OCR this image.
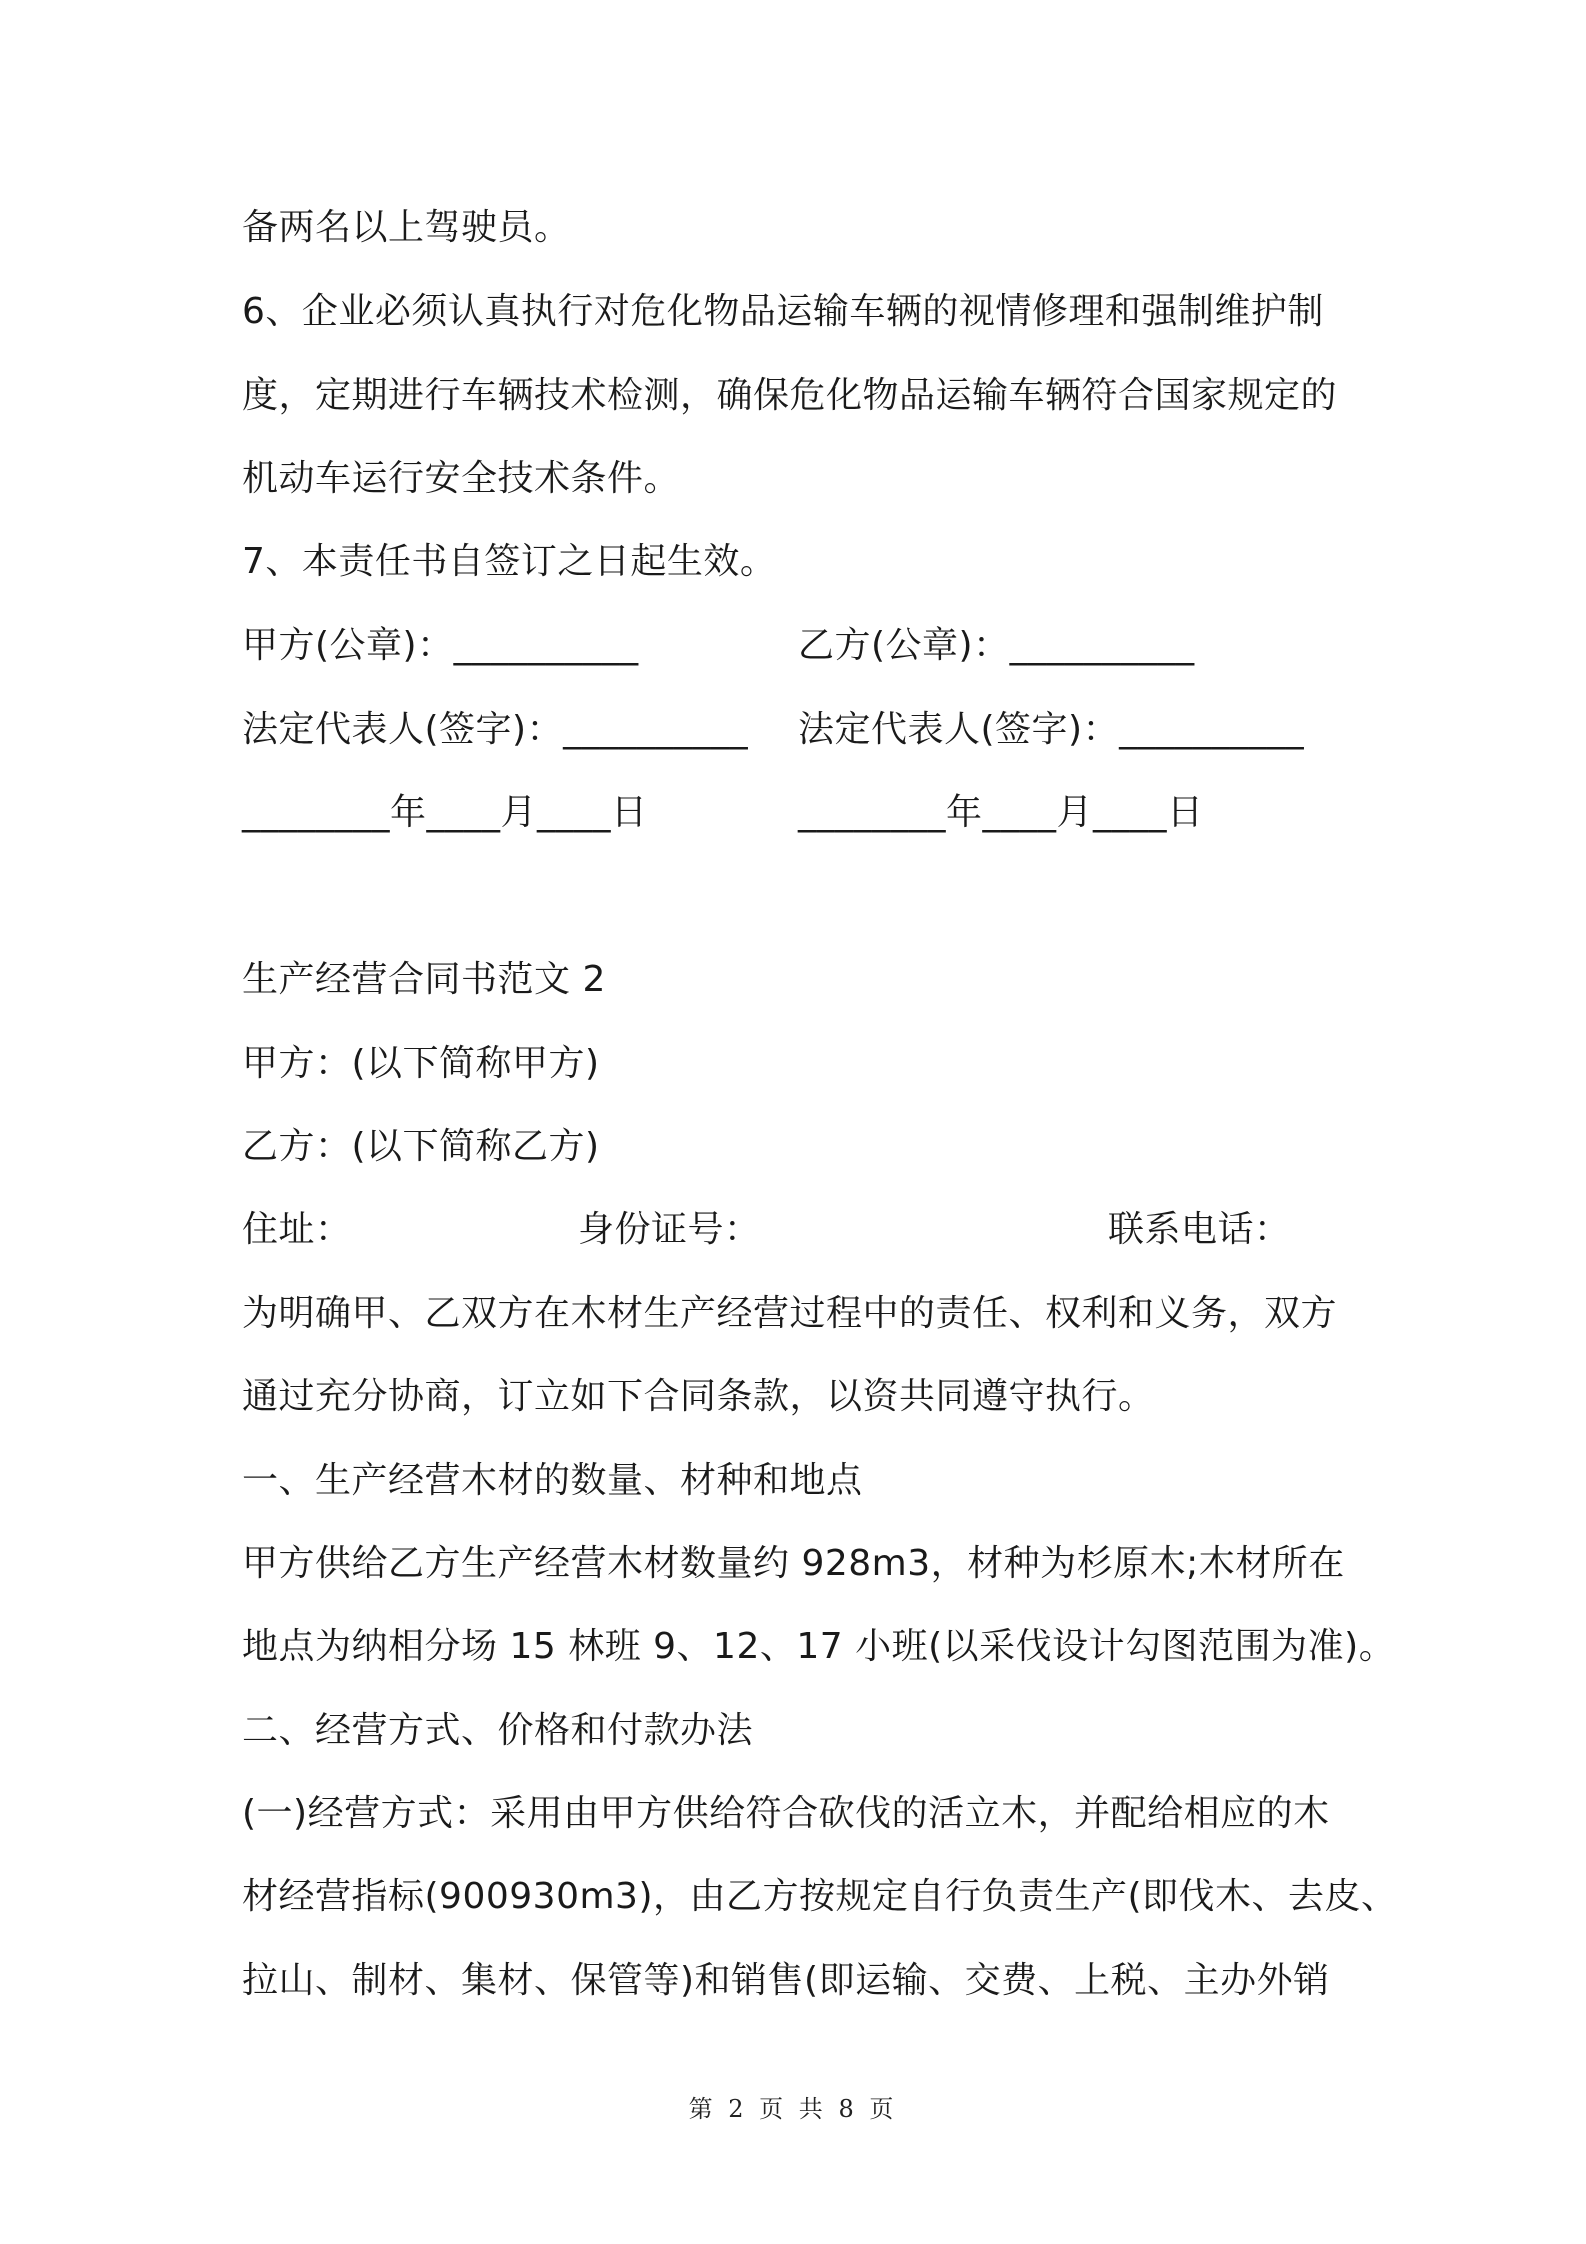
备两名以上驾驶员。
6、企业必须认真执行对危化物品运输车辆的视情修理和强制维护制
度，定期进行车辆技术检测，确保危化物品运输车辆符合国家规定的
机动车运行安全技术条件。
7、本责任书自签订之日起生效。
甲方(公章)：__________	乙方(公章)：__________
法定代表人(签字)：__________ 法定代表人(签字)：__________
________年____月____日	________年____月____日
生产经营合同书范文 2
甲方：(以下简称甲方)
乙方：(以下简称乙方)
住址：	身份证号：	联系电话：
为明确甲、乙双方在木材生产经营过程中的责任、权利和义务，双方
通过充分协商，订立如下合同条款，以资共同遵守执行。
一、生产经营木材的数量、材种和地点
甲方供给乙方生产经营木材数量约 928m3，材种为杉原木;木材所在
地点为纳相分场 15 林班 9、12、17 小班(以采伐设计勾图范围为准)。
二、经营方式、价格和付款办法
(一)经营方式：采用由甲方供给符合砍伐的活立木，并配给相应的木
材经营指标(900930m3)，由乙方按规定自行负责生产(即伐木、去皮、
拉山、制材、集材、保管等)和销售(即运输、交费、上税、主办外销
第 2 页 共 8 页
